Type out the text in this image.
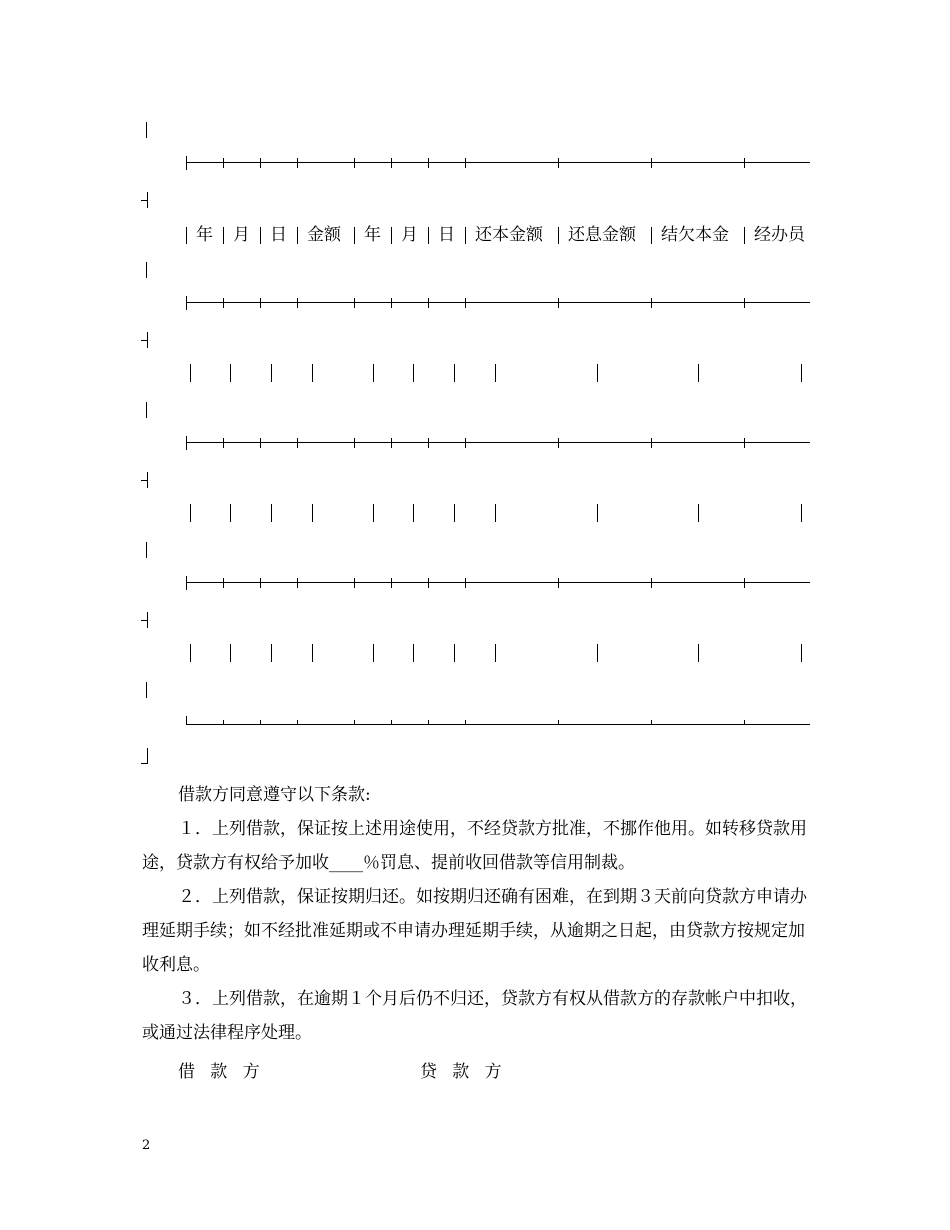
年 月 日 金额 年 月 日 还本金额 还息金额 结欠本金 经办员

借款方同意遵守以下条款:

１．上列借款，保证按上述用途使用，不经贷款方批准，不挪作他用。如转移贷款用途，贷款方有权给予加收____％罚息、提前收回借款等信用制裁。

２．上列借款，保证按期归还。如按期归还确有困难，在到期３天前向贷款方申请办理延期手续；如不经批准延期或不申请办理延期手续，从逾期之日起，由贷款方按规定加收利息。

３．上列借款，在逾期１个月后仍不归还，贷款方有权从借款方的存款帐户中扣收，或通过法律程序处理。

借款方	贷款方
2
